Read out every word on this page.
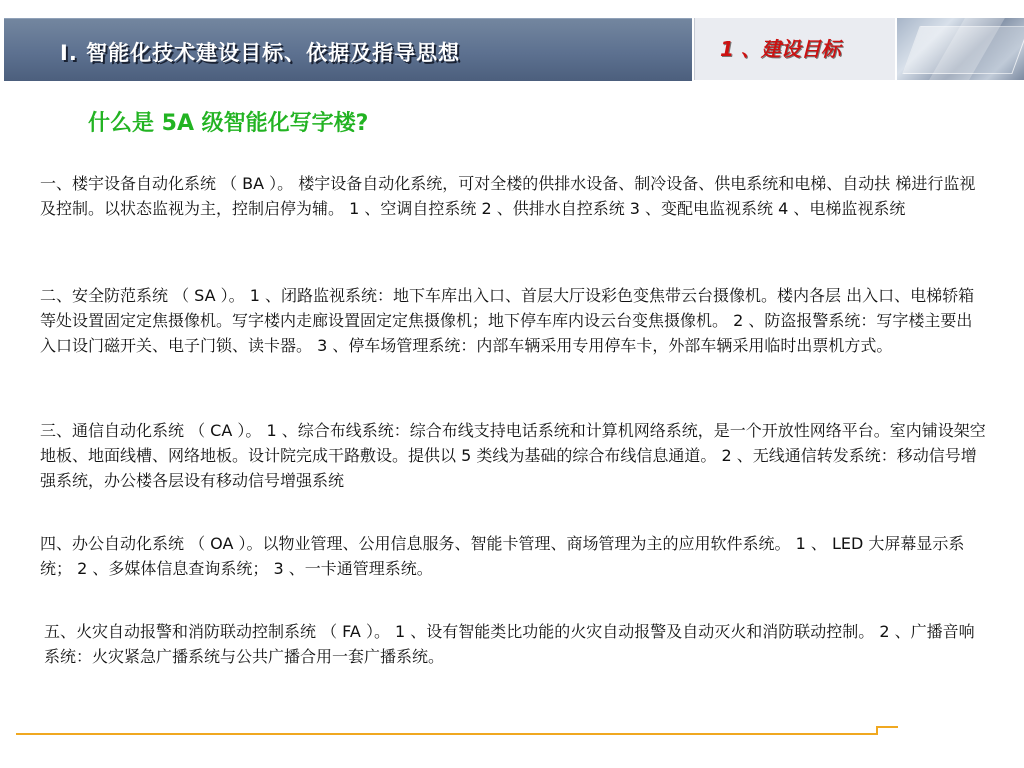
I. 智能化技术建设目标、依据及指导思想	1 、建设目标
什么是 5A 级智能化写字楼?

一、楼宇设备自动化系统 （ BA ）。 楼宇设备自动化系统，可对全楼的供排水设备、制冷设备、供电系统和电梯、自动扶 梯进行监视及控制。以状态监视为主，控制启停为辅。 1 、空调自控系统 2 、供排水自控系统 3 、变配电监视系统 4 、电梯监视系统

二、安全防范系统 （ SA ）。 1 、闭路监视系统：地下车库出入口、首层大厅设彩色变焦带云台摄像机。楼内各层 出入口、电梯轿箱等处设置固定定焦摄像机。写字楼内走廊设置固定定焦摄像机；地下停车库内设云台变焦摄像机。 2 、防盗报警系统：写字楼主要出入口设门磁开关、电子门锁、读卡器。 3 、停车场管理系统：内部车辆采用专用停车卡，外部车辆采用临时出票机方式。

三、通信自动化系统 （ CA ）。 1 、综合布线系统：综合布线支持电话系统和计算机网络系统，是一个开放性网络平台。室内铺设架空地板、地面线槽、网络地板。设计院完成干路敷设。提供以 5 类线为基础的综合布线信息通道。 2 、无线通信转发系统：移动信号增强系统，办公楼各层设有移动信号增强系统

四、办公自动化系统 （ OA ）。以物业管理、公用信息服务、智能卡管理、商场管理为主的应用软件系统。 1 、 LED 大屏幕显示系统； 2 、多媒体信息查询系统； 3 、一卡通管理系统。

五、火灾自动报警和消防联动控制系统 （ FA ）。 1 、设有智能类比功能的火灾自动报警及自动灭火和消防联动控制。 2 、广播音响系统：火灾紧急广播系统与公共广播合用一套广播系统。
